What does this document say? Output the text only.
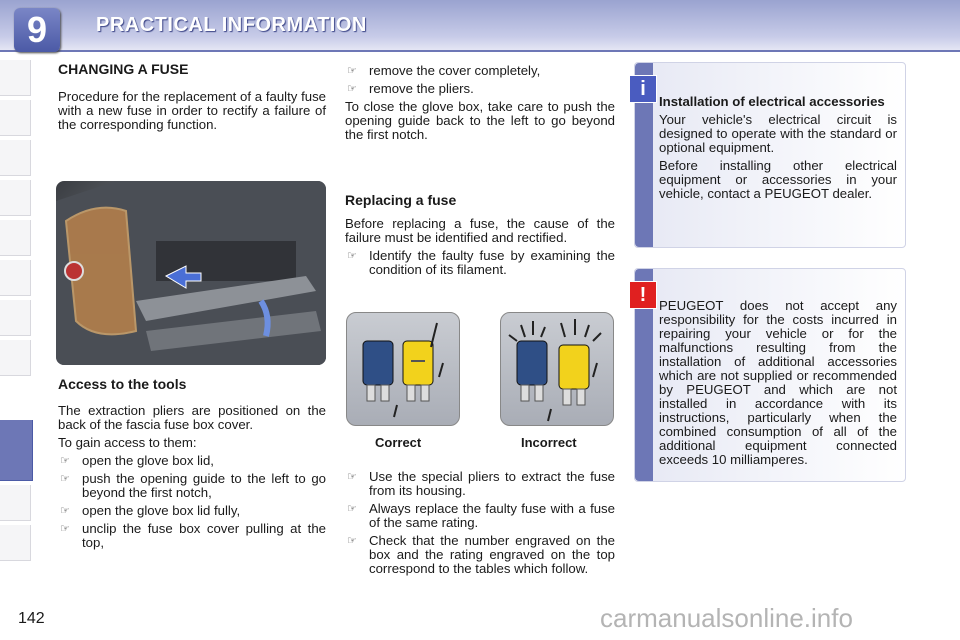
9	PRACTICAL INFORMATION
CHANGING A FUSE

Procedure for the replacement of a faulty fuse with a new fuse in order to rectify a failure of the corresponding function.

Access to the tools

The extraction pliers are positioned on the back of the fascia fuse box cover.

To gain access to them:

☞ open the glove box lid,
☞ push the opening guide to the left to go beyond the first notch,
☞ open the glove box lid fully,
☞ unclip the fuse box cover pulling at the top,
☞ remove the cover completely,
☞ remove the pliers.

To close the glove box, take care to push the opening guide back to the left to go beyond the first notch.

Replacing a fuse

Before replacing a fuse, the cause of the failure must be identified and rectified.

☞ Identify the faulty fuse by examining the condition of its filament.
Correct	Incorrect
☞ Use the special pliers to extract the fuse from its housing.
☞ Always replace the faulty fuse with a fuse of the same rating.
☞ Check that the number engraved on the box and the rating engraved on the top correspond to the tables which follow.
i

Installation of electrical accessories

Your vehicle's electrical circuit is designed to operate with the standard or optional equipment.

Before installing other electrical equipment or accessories in your vehicle, contact a PEUGEOT dealer.

! PEUGEOT does not accept any responsibility for the costs incurred in repairing your vehicle or for the malfunctions resulting from the installation of additional accessories which are not supplied or recommended by PEUGEOT and which are not installed in accordance with its instructions, particularly when the combined consumption of all of the additional equipment connected exceeds 10 milliamperes.

142	carmanualsonline.info
